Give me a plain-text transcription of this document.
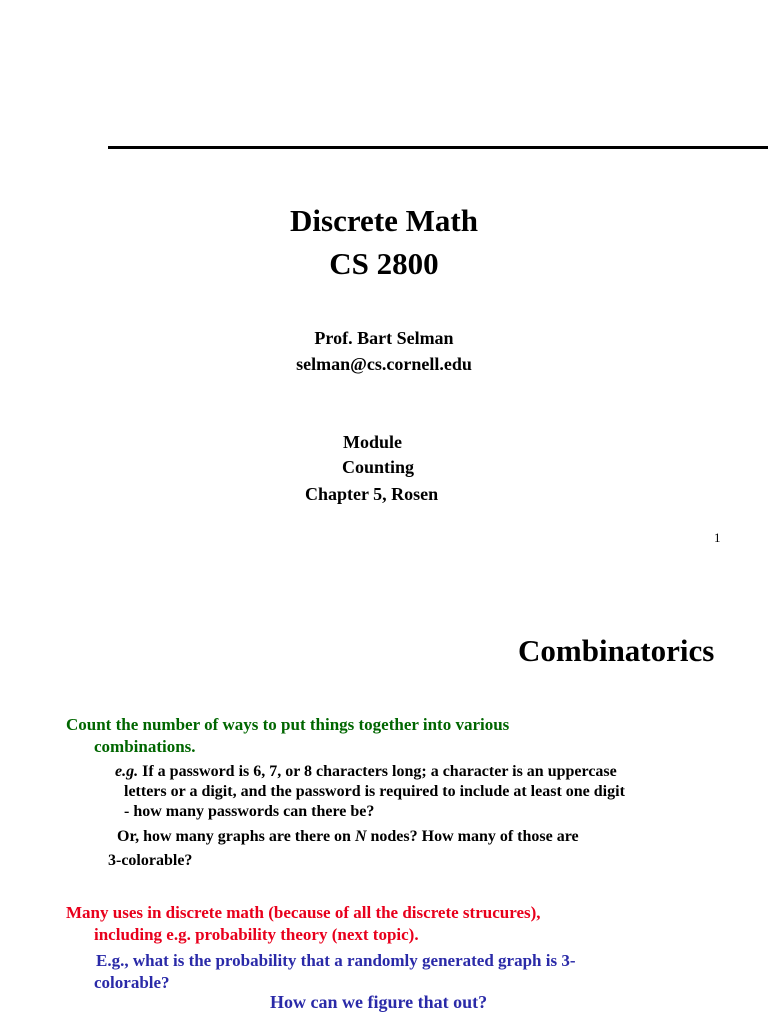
Discrete Math
CS 2800
Prof. Bart Selman
selman@cs.cornell.edu
Module
Counting
Chapter 5, Rosen
1
Combinatorics
Count the number of ways to put things together into various
combinations.
e.g. If a password is 6, 7, or 8 characters long; a character is an uppercase
letters or a digit, and the password is required to include at least one digit
- how many passwords can there be?
Or, how many graphs are there on N nodes? How many of those are
3-colorable?
Many uses in discrete math (because of all the discrete strucures),
including e.g. probability theory (next topic).
E.g., what is the probability that a randomly generated graph is 3-
colorable?
How can we figure that out?
